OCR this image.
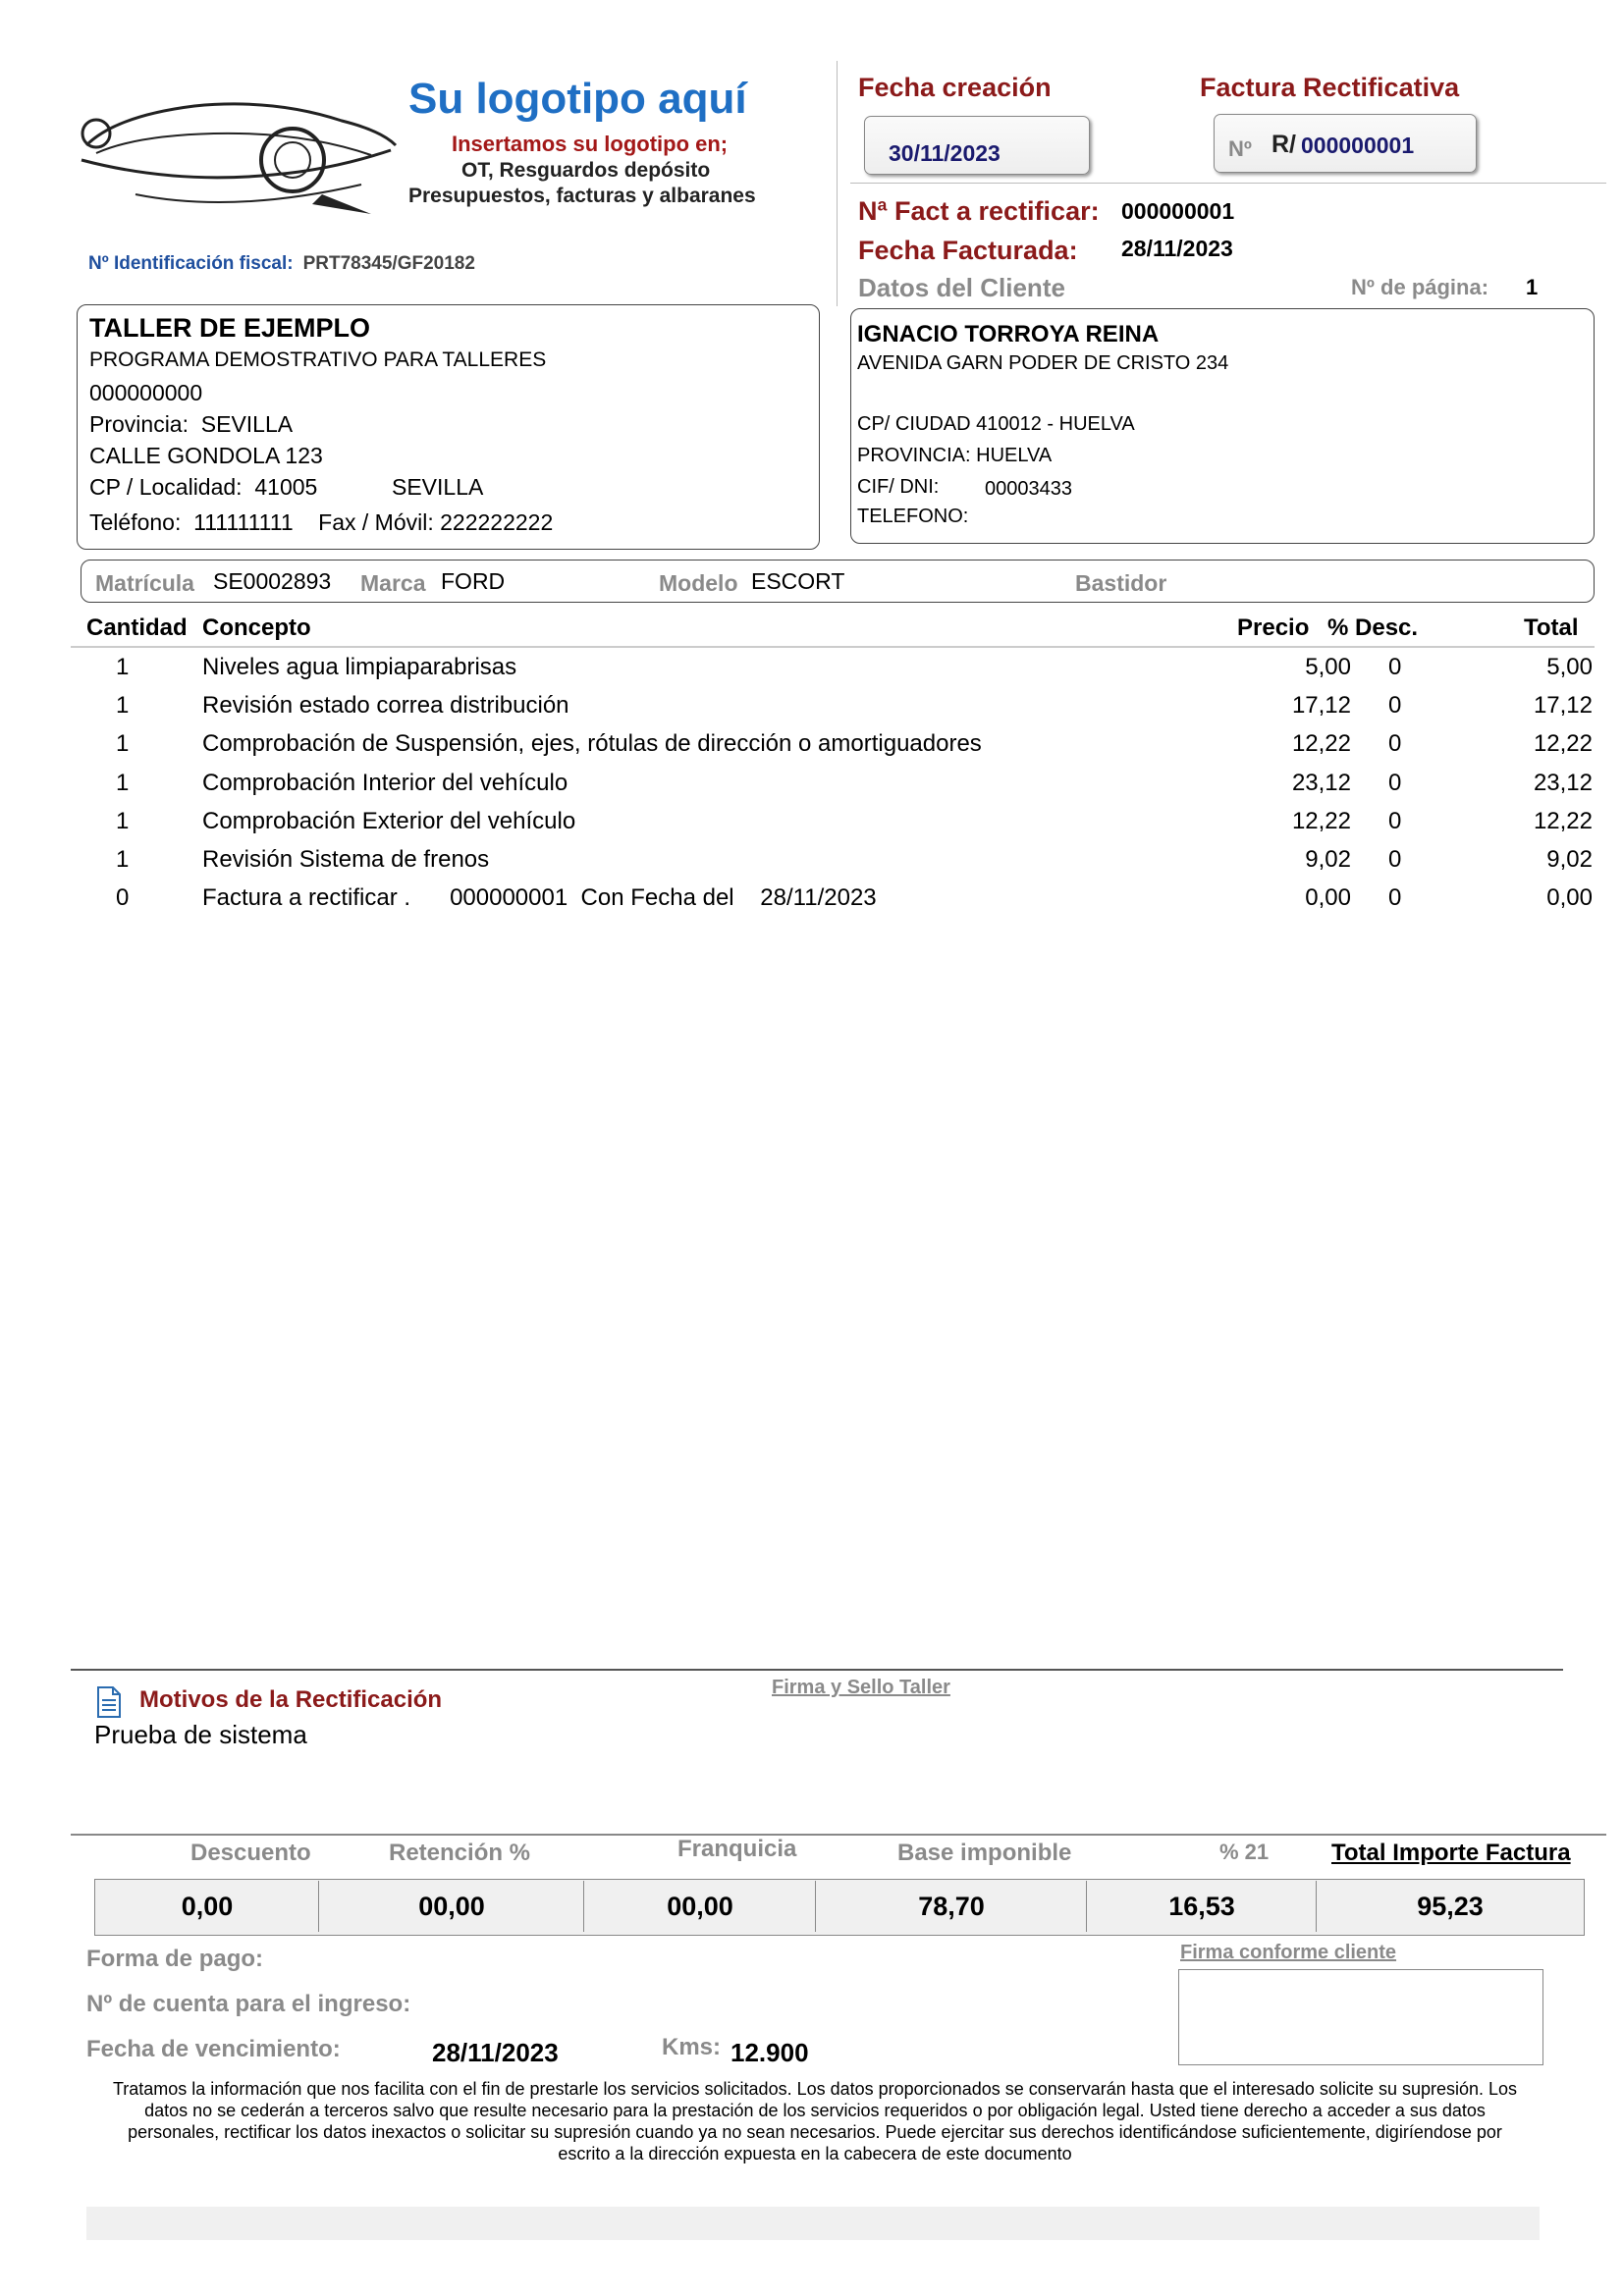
Su logotipo aquí
Insertamos su logotipo en;
OT, Resguardos depósito
Presupuestos, facturas y albaranes
Nº Identificación fiscal: PRT78345/GF20182
Fecha creación
30/11/2023
Factura Rectificativa
Nº R/ 000000001
Nª Fact a rectificar: 000000001
Fecha Facturada: 28/11/2023
Datos del Cliente	Nº de página: 1
TALLER DE EJEMPLO
PROGRAMA DEMOSTRATIVO PARA TALLERES
000000000
Provincia: SEVILLA
CALLE GONDOLA 123
CP / Localidad: 41005	SEVILLA
Teléfono: 111111111 Fax / Móvil: 222222222
IGNACIO TORROYA REINA
AVENIDA GARN PODER DE CRISTO 234
CP/ CIUDAD 410012 - HUELVA
PROVINCIA: HUELVA
CIF/ DNI: 00003433
TELEFONO:
Matrícula SE0002893 Marca FORD	Modelo ESCORT	Bastidor
Cantidad Concepto	Precio % Desc.	Total
1	Niveles agua limpiaparabrisas	5,00 0	5,00
1	Revisión estado correa distribución	17,12 0	17,12
1	Comprobación de Suspensión, ejes, rótulas de dirección o amortiguadores	12,22 0	12,22
1	Comprobación Interior del vehículo	23,12 0	23,12
1	Comprobación Exterior del vehículo	12,22 0	12,22
1	Revisión Sistema de frenos	9,02 0	9,02
0	Factura a rectificar .      000000001  Con Fecha del    28/11/2023	0,00 0	0,00
Motivos de la Rectificación
Prueba de sistema
Firma y Sello Taller
Descuento	Retención %	Franquicia	Base imponible	% 21	Total Importe Factura
0,00	00,00	00,00	78,70	16,53	95,23
Forma de pago:
Nº de cuenta para el ingreso:
Fecha de vencimiento:	28/11/2023	Kms: 12.900
Firma conforme cliente
Tratamos la información que nos facilita con el fin de prestarle los servicios solicitados. Los datos proporcionados se conservarán hasta que el interesado solicite su supresión. Los datos no se cederán a terceros salvo que resulte necesario para la prestación de los servicios requeridos o por obligación legal. Usted tiene derecho a acceder a sus datos personales, rectificar los datos inexactos o solicitar su supresión cuando ya no sean necesarios. Puede ejercitar sus derechos identificándose suficientemente, digiríendose por escrito a la dirección expuesta en la cabecera de este documento
